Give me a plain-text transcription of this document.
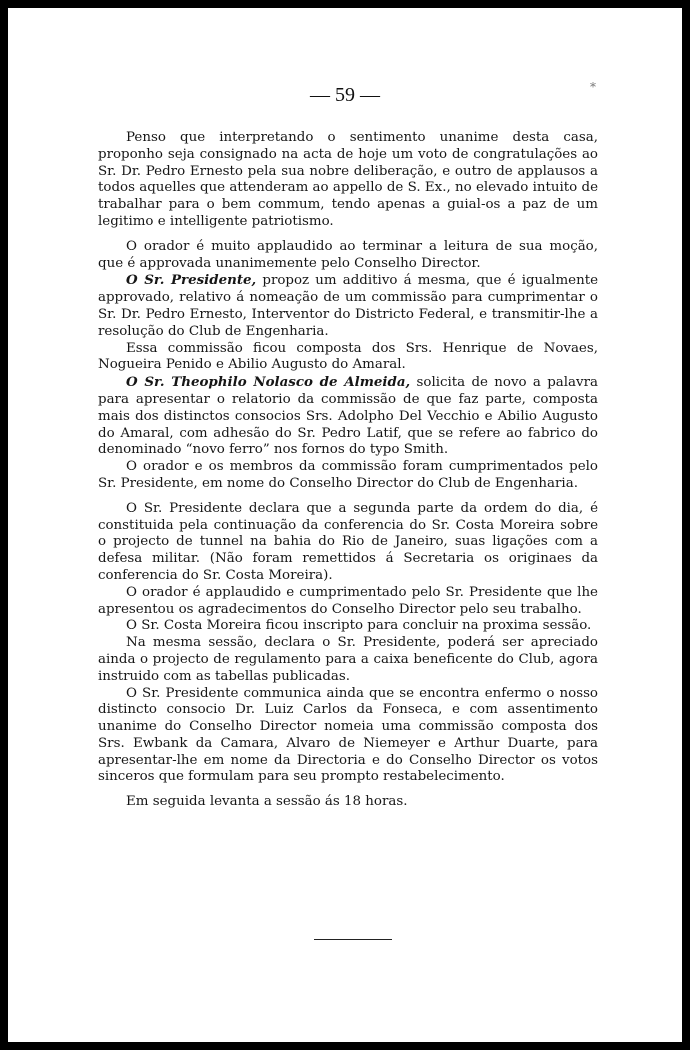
— 59 —	*

Penso que interpretando o sentimento unanime desta casa, proponho seja consignado na acta de hoje um voto de congratulações ao Sr. Dr. Pedro Ernesto pela sua nobre deliberação, e outro de applausos a todos aquelles que attenderam ao appello de S. Ex., no elevado intuito de trabalhar para o bem commum, tendo apenas a guial-os a paz de um legitimo e intelligente patriotismo.

O orador é muito applaudido ao terminar a leitura de sua moção, que é approvada unanimemente pelo Conselho Director.

O Sr. Presidente, propoz um additivo á mesma, que é igualmente approvado, relativo á nomeação de um commissão para cumprimentar o Sr. Dr. Pedro Ernesto, Interventor do Districto Federal, e transmitir-lhe a resolução do Club de Engenharia.

Essa commissão ficou composta dos Srs. Henrique de Novaes, Nogueira Penido e Abilio Augusto do Amaral.

O Sr. Theophilo Nolasco de Almeida, solicita de novo a palavra para apresentar o relatorio da commissão de que faz parte, composta mais dos distinctos consocios Srs. Adolpho Del Vecchio e Abilio Augusto do Amaral, com adhesão do Sr. Pedro Latif, que se refere ao fabrico do denominado “novo ferro” nos fornos do typo Smith.

O orador e os membros da commissão foram cumprimentados pelo Sr. Presidente, em nome do Conselho Director do Club de Engenharia.

O Sr. Presidente declara que a segunda parte da ordem do dia, é constituida pela continuação da conferencia do Sr. Costa Moreira sobre o projecto de tunnel na bahia do Rio de Janeiro, suas ligações com a defesa militar. (Não foram remettidos á Secretaria os originaes da conferencia do Sr. Costa Moreira).

O orador é applaudido e cumprimentado pelo Sr. Presidente que lhe apresentou os agradecimentos do Conselho Director pelo seu trabalho.

O Sr. Costa Moreira ficou inscripto para concluir na proxima sessão.

Na mesma sessão, declara o Sr. Presidente, poderá ser apreciado ainda o projecto de regulamento para a caixa beneficente do Club, agora instruido com as tabellas publicadas.

O Sr. Presidente communica ainda que se encontra enfermo o nosso distincto consocio Dr. Luiz Carlos da Fonseca, e com assentimento unanime do Conselho Director nomeia uma commissão composta dos Srs. Ewbank da Camara, Alvaro de Niemeyer e Arthur Duarte, para apresentar-lhe em nome da Directoria e do Conselho Director os votos sinceros que formulam para seu prompto restabelecimento.

Em seguida levanta a sessão ás 18 horas.
